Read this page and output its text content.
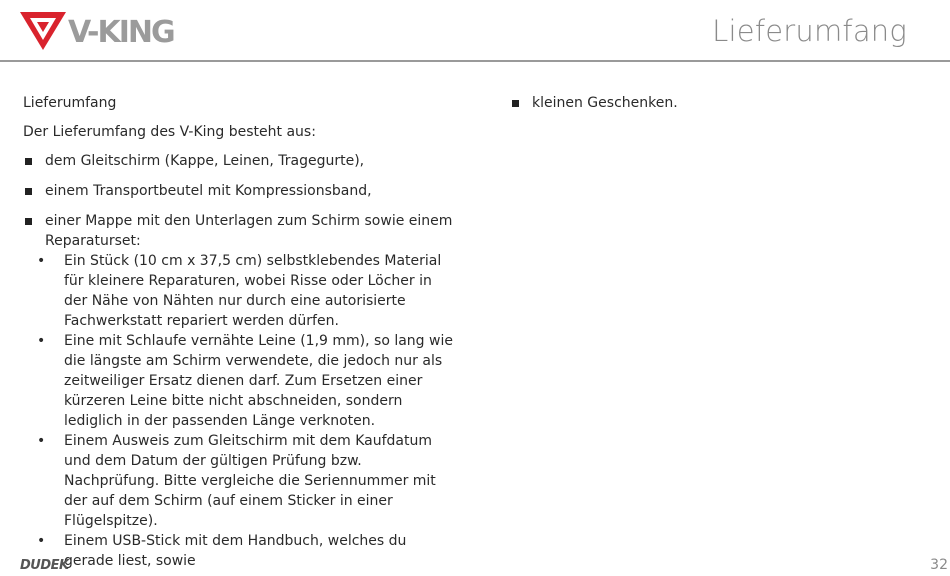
V-KING	Lieferumfang
Lieferumfang
Der Lieferumfang des V-King besteht aus:
dem Gleitschirm (Kappe, Leinen, Tragegurte),
einem Transportbeutel mit Kompressionsband,
einer Mappe mit den Unterlagen zum Schirm sowie einem Reparaturset:
• Ein Stück (10 cm x 37,5 cm) selbstklebendes Material für kleinere Reparaturen, wobei Risse oder Löcher in der Nähe von Nähten nur durch eine autorisierte Fachwerkstatt repariert werden dürfen.
• Eine mit Schlaufe vernähte Leine (1,9 mm), so lang wie die längste am Schirm verwendete, die jedoch nur als zeitweiliger Ersatz dienen darf. Zum Ersetzen einer kürzeren Leine bitte nicht abschneiden, sondern lediglich in der passenden Länge verknoten.
• Einem Ausweis zum Gleitschirm mit dem Kaufdatum und dem Datum der gültigen Prüfung bzw. Nachprüfung. Bitte vergleiche die Seriennummer mit der auf dem Schirm (auf einem Sticker in einer Flügelspitze).
• Einem USB-Stick mit dem Handbuch, welches du gerade liest, sowie
kleinen Geschenken.
DUDEK	32
